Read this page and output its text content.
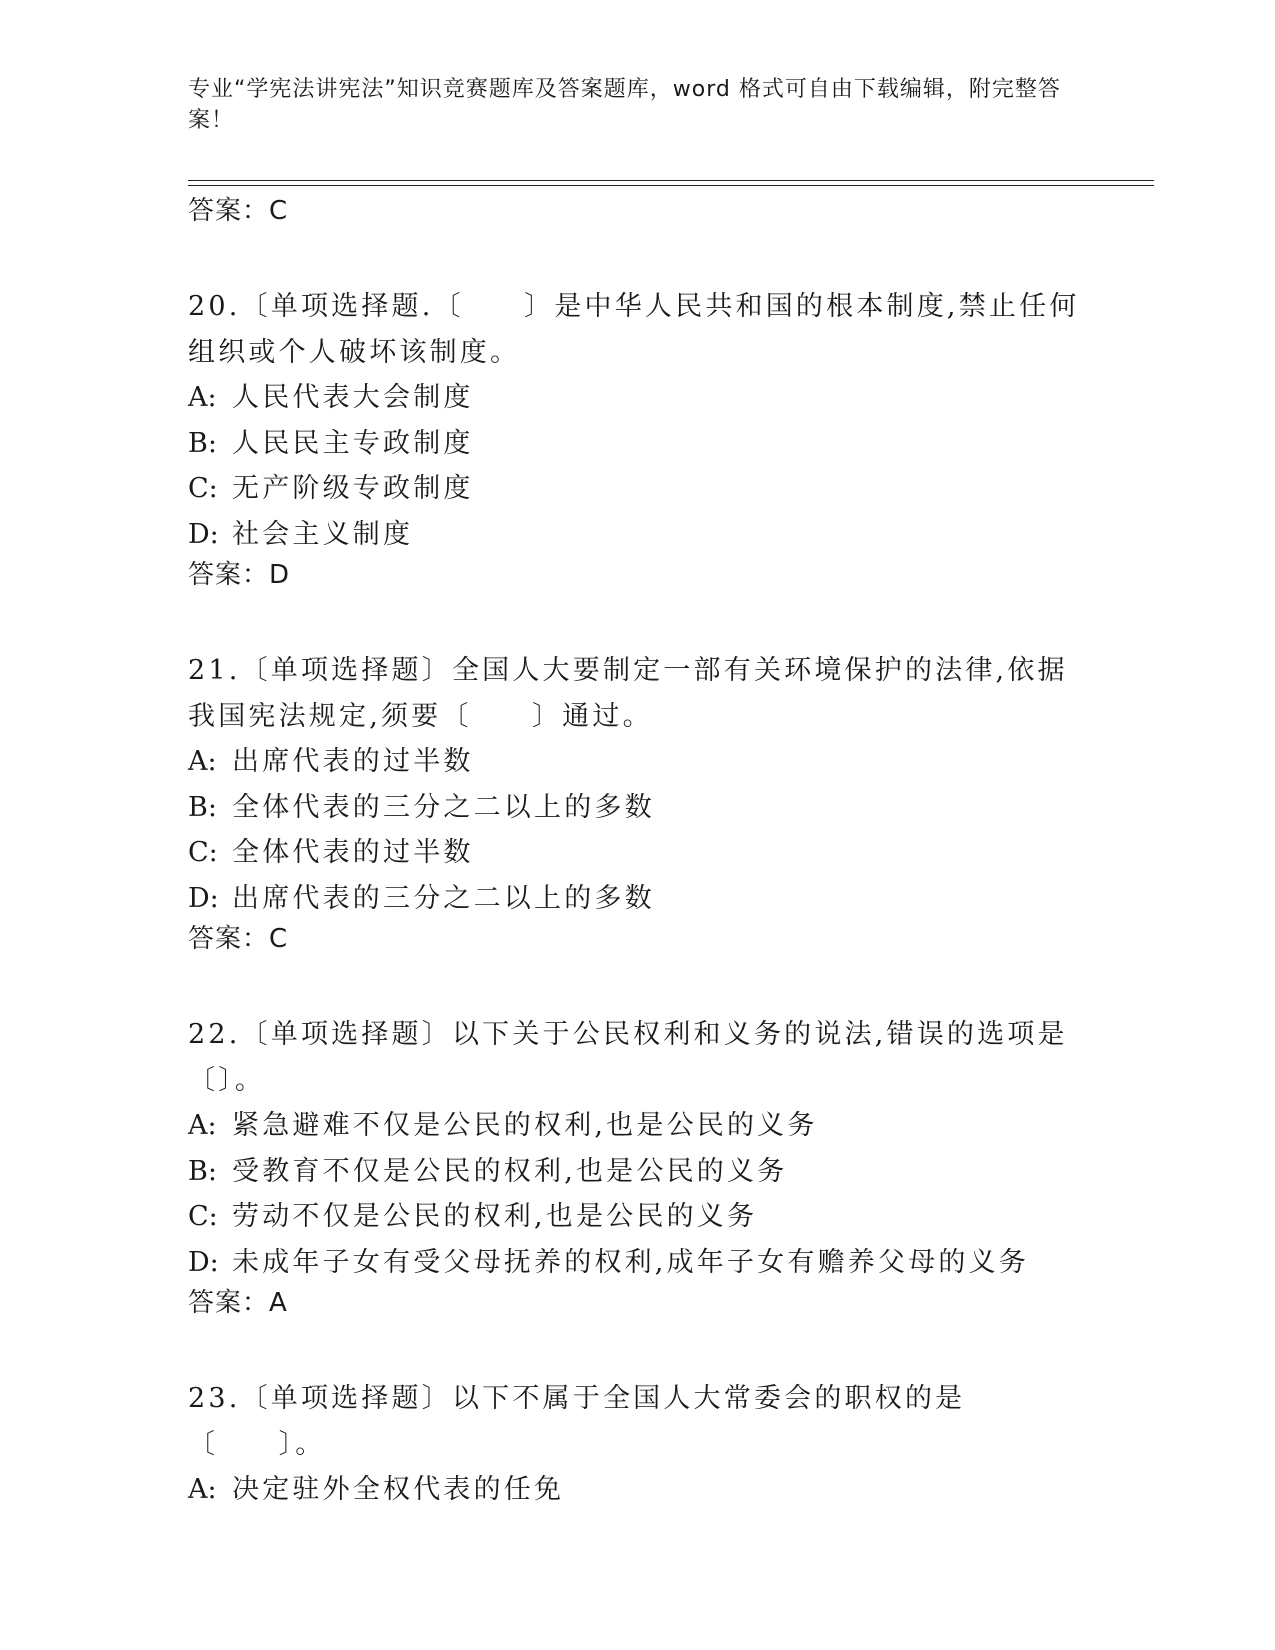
专业“学宪法讲宪法”知识竞赛题库及答案题库，word 格式可自由下载编辑，附完整答案！
答案：C

20.〔单项选择题.〔　　〕是中华人民共和国的根本制度,禁止任何组织或个人破坏该制度。

A: 人民代表大会制度
B: 人民民主专政制度
C: 无产阶级专政制度
D: 社会主义制度
答案：D

21.〔单项选择题〕全国人大要制定一部有关环境保护的法律,依据我国宪法规定,须要〔　　〕通过。

A: 出席代表的过半数
B: 全体代表的三分之二以上的多数
C: 全体代表的过半数
D: 出席代表的三分之二以上的多数
答案：C

22.〔单项选择题〕以下关于公民权利和义务的说法,错误的选项是〔〕。

A: 紧急避难不仅是公民的权利,也是公民的义务
B: 受教育不仅是公民的权利,也是公民的义务
C: 劳动不仅是公民的权利,也是公民的义务
D: 未成年子女有受父母抚养的权利,成年子女有赡养父母的义务
答案：A

23.〔单项选择题〕以下不属于全国人大常委会的职权的是〔　　〕。

A: 决定驻外全权代表的任免
